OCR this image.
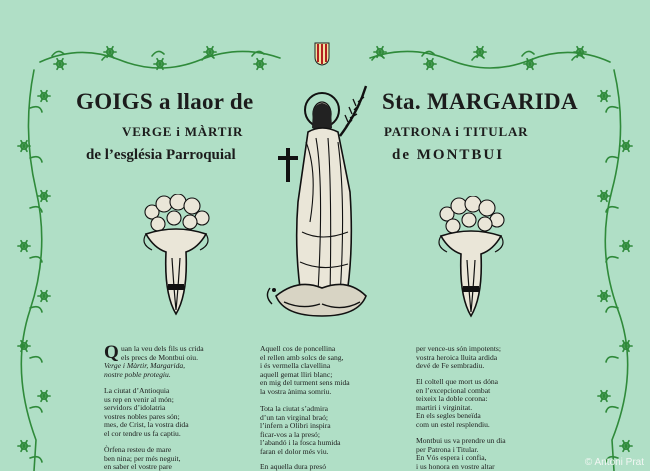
GOIGS a llaor de	Sta. MARGARIDA
VERGE i MÀRTIR	PATRONA i TITULAR
de l’església Parroquial	de MONTBUI
Q uan la veu dels fils us crida
els precs de Montbui oiu.
Verge i Màrtir, Margarida,
nostre poble protegiu.
La ciutat d’Antioquia
us rep en venir al món;
servidors d’idolatria
vostres nobles pares són;
mes, de Crist, la vostra dida
el cor tendre us fa captiu.
Òrfena resteu de mare
ben nina; per més neguit,
en saber el vostre pare
Aquell cos de poncellina
el rellen amb solcs de sang,
i és vermella clavellina
aquell gemat lliri blanc;
en mig del turment sens mida
la vostra ànima somriu.
Tota la ciutat s’admira
d’un tan virginal braó;
l’infern a Olibri inspira
ficar-vos a la presó;
l’abandó i la fosca humida
faran el dolor més viu.
En aquella dura presó
per vence-us són impotents;
vostra heroica lluita ardida
devé de Fe sembradiu.
El coltell que mort us dóna
en l’excepcional combat
teixeix la doble corona:
martiri i virginitat.
En els segles beneïda
com un estel resplendiu.
Montbui us va prendre un dia
per Patrona i Titular.
En Vós espera i confia,
i us honora en vostre altar	© Antoni Prat
